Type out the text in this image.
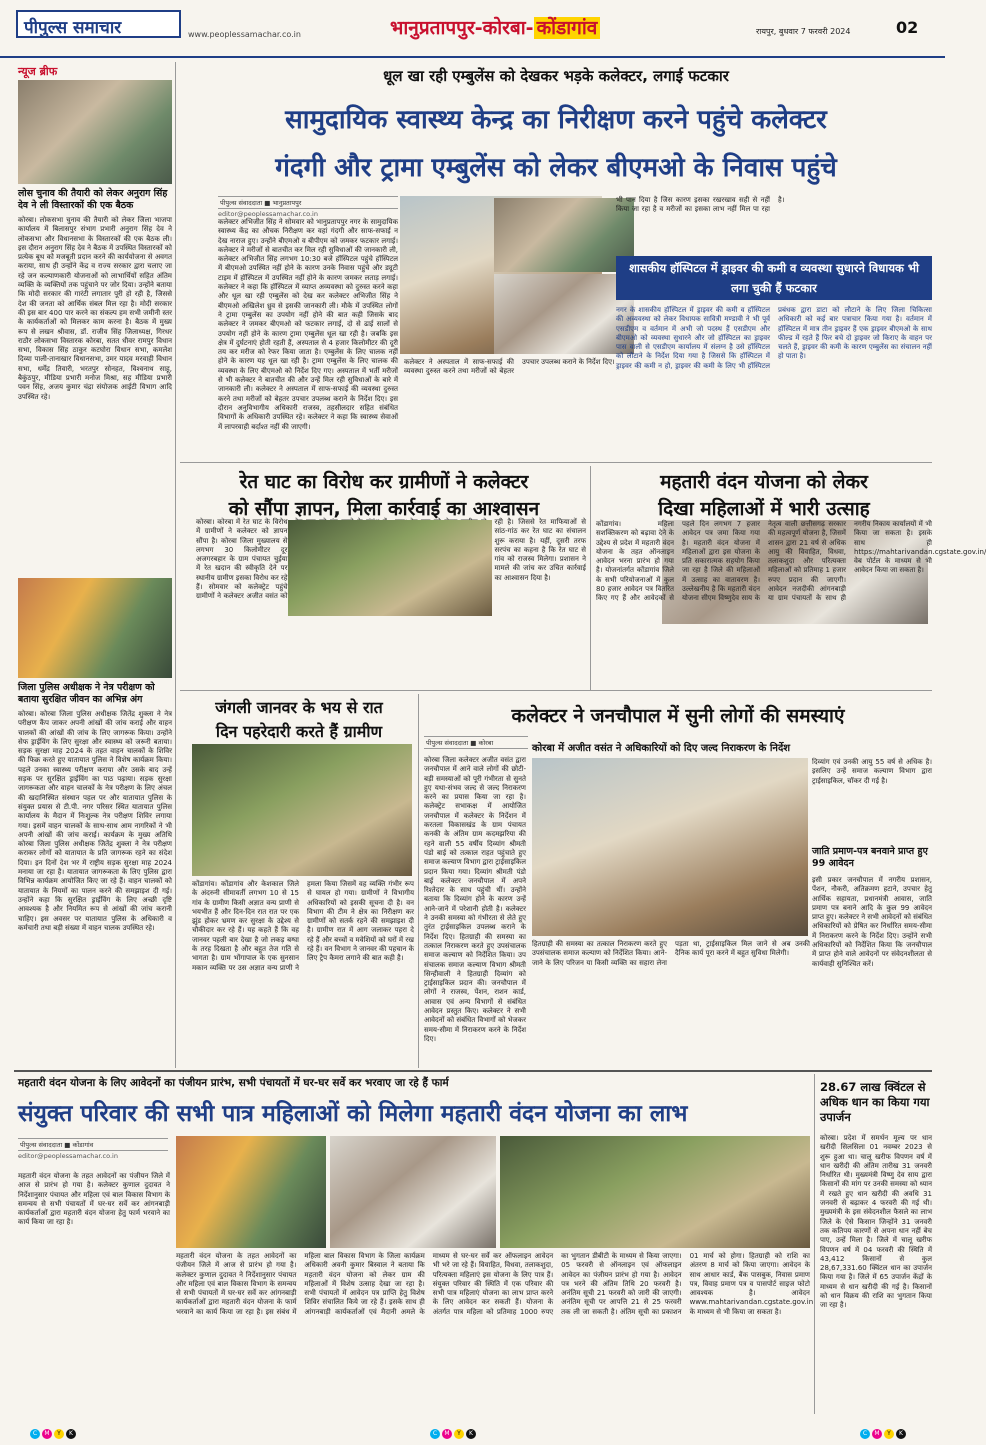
पीपुल्स समाचार	www.peoplessamachar.co.in	भानुप्रतापपुर-कोरबा- कोंडागांव	रायपुर, बुधवार 7 फरवरी 2024	02
न्यूज ब्रीफ
लोस चुनाव की तैयारी को लेकर अनुराग सिंह देव ने ली विस्तारकों की एक बैठक
कोरबा। लोकसभा चुनाव की तैयारी को लेकर जिला भाजपा कार्यालय में बिलासपुर संभाग प्रभारी अनुराग सिंह देव ने लोकसभा और विधानसभा के विस्तारकों की एक बैठक ली। इस दौरान अनुराग सिंह देव ने बैठक में उपस्थित विस्तारकों को प्रत्येक बूथ को मजबूती प्रदान करने की कार्ययोजना से अवगत कराया, साथ ही उन्होंने केंद्र व राज्य सरकार द्वारा चलाए जा रहे जन कल्याणकारी योजनाओं को लाभार्थियों सहित अंतिम व्यक्ति के व्यक्तियों तक पहुंचाने पर जोर दिया। उन्होंने बताया कि मोदी सरकार की गारंटी लगातार पूरी हो रही है, जिससे देश की जनता को आर्थिक संबल मिल रहा है। मोदी सरकार की इस बार 400 पार करने का संकल्प हम सभी जमीनी स्तर के कार्यकर्ताओं को मिलकर काम करना है। बैठक में मुख्य रूप से लखन श्रीवास, डॉ. राजीव सिंह जिलाध्यक्ष, गिरधर राठौर लोकसभा विस्तारक कोरबा, सतत धीवर रामपुर विधान सभा, विकास सिंह ठाकुर कटघोरा विधान सभा, कमलेश दिव्या पाली-तानाखार विधानसभा, उमर यादव मरवाही विधान सभा, धर्मेंद्र तिवारी, भरतपुर सोनहत, विश्वनाथ साहू, बैकुंठपुर, मीडिया प्रभारी मनोज मिश्रा, सह मीडिया प्रभारी पवन सिंह, अजय कुमार चंद्रा संयोजक आईटी विभाग आदि उपस्थित रहे।
जिला पुलिस अधीक्षक ने नेत्र परीक्षण को बताया सुरक्षित जीवन का अभिन्न अंग
कोरबा। कोरबा जिला पुलिस अधीक्षक जितेंद्र शुक्ला ने नेत्र परीक्षण कैंप जाकर अपनी आंखों की जांच कराई और वाहन चालकों की आंखों की जांच के लिए जागरूक किया। उन्होंने सेफ ड्राईविंग के लिए सुरक्षा और स्वास्थ्य को जरूरी बताया। सड़क सुरक्षा माह 2024 के तहत वाहन चालकों के शिविर की फिक्र करते हुए यातायात पुलिस ने विशेष कार्यक्रम किया। पहले उनका स्वास्थ्य परीक्षण कराया और उसके बाद उन्हें सड़क पर सुरक्षित ड्राईविंग का पाठ पढ़ाया। सड़क सुरक्षा जागरूकता और वाहन चालकों के नेत्र परीक्षण के लिए अंचल की खदानिस्थित संस्थान पहल पर और यातायात पुलिस के संयुक्त प्रयास से टी.पी. नगर परिसर स्थित यातायात पुलिस कार्यालय के मैदान में निःशुल्क नेत्र परीक्षण शिविर लगाया गया। इसमें वाहन चालकों के साथ-साथ आम नागरिकों ने भी अपनी आंखों की जांच कराई। कार्यक्रम के मुख्य अतिथि कोरबा जिला पुलिस अधीक्षक जितेंद्र शुक्ला ने नेत्र परीक्षण कराकर लोगों को यातायात के प्रति जागरूक रहने का संदेश दिया। इन दिनों देश भर में राष्ट्रीय सड़क सुरक्षा माह 2024 मनाया जा रहा है। यातायात जागरूकता के लिए पुलिस द्वारा विभिन्न कार्यक्रम आयोजित किए जा रहे हैं। वाहन चालकों को यातायात के नियमों का पालन करने की समझाइश दी गई। उन्होंने कहा कि सुरक्षित ड्राईविंग के लिए अच्छी दृष्टि आवश्यक है और नियमित रूप से आंखों की जांच करानी चाहिए। इस अवसर पर यातायात पुलिस के अधिकारी व कर्मचारी तथा बड़ी संख्या में वाहन चालक उपस्थित रहे।
धूल खा रही एम्बुलेंस को देखकर भड़के कलेक्टर, लगाई फटकार
सामुदायिक स्वास्थ्य केन्द्र का निरीक्षण करने पहुंचे कलेक्टर
गंदगी और ट्रामा एम्बुलेंस को लेकर बीएमओ के निवास पहुंचे
पीपुल्स संवाददाता ■ भानुप्रतापपुर
editor@peoplessamachar.co.in
कलेक्टर अभिजीत सिंह ने सोमवार को भानुप्रतापपुर नगर के सामुदायिक स्वास्थ्य केंद्र का औचक निरीक्षण कर वहां गंदगी और साफ-सफाई न देख नाराज हुए। उन्होंने बीएमओ व बीपीएम को जमकर फटकार लगाई। कलेक्टर ने मरीजों से बातचीत कर मिल रही सुविधाओं की जानकारी ली, कलेक्टर अभिजीत सिंह लगभग 10:30 बजे हॉस्पिटल पहुंचे हॉस्पिटल में बीएमओ उपस्थित नहीं होने के कारण उनके निवास पहुंचे और ड्यूटी टाइम में हॉस्पिटल में उपस्थित नहीं होने के कारण जमकर लताड़ लगाई। कलेक्टर ने कहा कि हॉस्पिटल में व्याप्त अव्यवस्था को दुरुस्त करने कहा और धूल खा रही एम्बुलेंस को देख कर कलेक्टर अभिजीत सिंह ने बीएमओ अखिलेश ध्रुव से इसकी जानकारी ली। मौके में उपस्थित लोगों ने ट्रामा एम्बुलेंस का उपयोग नहीं होने की बात कही जिसके बाद कलेक्टर ने जमकर बीएमओ को फटकार लगाई, दो से ढाई सालों से उपयोग नहीं होने के कारण ट्रामा एम्बुलेंस धूल खा रही है। जबकि इस क्षेत्र में दुर्घटनाएं होती रहती हैं, अस्पताल से 4 हजार किलोमीटर की दूरी तय कर मरीज को रेफर किया जाता है। एम्बुलेंस के लिए चालक नहीं होने के कारण यह धूल खा रही है। ट्रामा एम्बुलेंस के लिए चालक की व्यवस्था के लिए बीएमओ को निर्देश दिए गए। अस्पताल में भर्ती मरीजों से भी कलेक्टर ने बातचीत की और उन्हें मिल रही सुविधाओं के बारे में जानकारी ली। कलेक्टर ने अस्पताल में साफ-सफाई की व्यवस्था दुरुस्त करने तथा मरीजों को बेहतर उपचार उपलब्ध कराने के निर्देश दिए। इस दौरान अनुविभागीय अधिकारी राजस्व, तहसीलदार सहित संबंधित विभागों के अधिकारी उपस्थित रहे। कलेक्टर ने कहा कि स्वास्थ्य सेवाओं में लापरवाही बर्दाश्त नहीं की जाएगी।
कलेक्टर ने अस्पताल में साफ-सफाई की व्यवस्था दुरुस्त करने तथा मरीजों को बेहतर उपचार उपलब्ध कराने के निर्देश दिए।
भी पान दिया है जिस कारण इसका रखरखाव सही से नहीं किया जा रहा है व मरीजों का इसका लाभ नहीं मिल पा रहा है।
शासकीय हॉस्पिटल में ड्राइवर की कमी व व्यवस्था सुधारने विधायक भी लगा चुकी हैं फटकार
नगर के शासकीय हॉस्पिटल में ड्राइवर की कमी व हॉस्पिटल की अव्यवस्था को लेकर विधायक सावित्री मण्डावी ने भी पूर्व एसडीएम व वर्तमान में अभी जो पदस्थ हैं एसडीएम और बीएमओ को व्यवस्था सुधारने और जो हॉस्पिटल का ड्राइवर पास वाली से एसडीएम कार्यालय में संलग्न है उसे हॉस्पिटल को लौटाने के निर्देश दिया गया है जिससे कि हॉस्पिटल में ड्राइवर की कमी न हो, ड्राइवर की कमी के लिए भी हॉस्पिटल प्रबंधक द्वारा डाटा को लौटाने के लिए जिला चिकित्सा अधिकारी को कई बार पत्राचार किया गया है। वर्तमान में हॉस्पिटल में मात्र तीन ड्राइवर हैं एक ड्राइवर बीएमओ के साथ फील्ड में रहते हैं फिर बचे दो ड्राइवर जो किराए के वाहन पर चलते हैं, ड्राइवर की कमी के कारण एम्बुलेंस का संचालन नहीं हो पाता है।
रेत घाट का विरोध कर ग्रामीणों ने कलेक्टर
को सौंपा ज्ञापन, मिला कार्रवाई का आश्वासन
कोरबा। कोरबा में रेत घाट के विरोध में ग्रामीणों ने कलेक्टर को ज्ञापन सौंपा है। कोरबा जिला मुख्यालय से लगभग 30 किलोमीटर दूर अजगरबहार के ग्राम पंचायत चुईया में रेत खदान की स्वीकृति देने पर स्थानीय ग्रामीण इसका विरोध कर रहे हैं। सोमवार को कलेक्ट्रेट पहुंचे ग्रामीणों ने कलेक्टर अजीत वसंत को रही है। जिससे रेत माफियाओं से सांठ-गांठ कर रेत घाट का संचालन शुरू कराया है। यहीं, दूसरी तरफ सरपंच का कहना है कि रेत घाट से गांव को राजस्व मिलेगा। प्रशासन ने मामले की जांच कर उचित कार्रवाई का आश्वासन दिया है।
महतारी वंदन योजना को लेकर
दिखा महिलाओं में भारी उत्साह
कोंडागांव। महिला सशक्तिकरण को बढ़ावा देने के उद्देश्य से प्रदेश में महतारी वंदन योजना के तहत ऑनलाइन आवेदन भरना प्रारंभ हो गया है। योजनांतर्गत कोंडागांव जिले के सभी परियोजनाओं में कुल 80 हजार आवेदन पत्र वितरित किए गए हैं और आवेदकों से पहले दिन लगभग 7 हजार आवेदन पत्र जमा किया गया है। महतारी वंदन योजना में महिलाओं द्वारा इस योजना के प्रति सकारात्मक सहयोग किया जा रहा है जिले की महिलाओं में उत्साह का वातावरण है। उल्लेखनीय है कि महतारी वंदन योजना सीएम विष्णुदेव साय के नेतृत्व वाली छत्तीसगढ़ सरकार की महत्वपूर्ण योजना है, जिसमें शासन द्वारा 21 वर्ष से अधिक आयु की विवाहित, विधवा, तलाकशुदा और परित्यक्ता महिलाओं को प्रतिमाह 1 हजार रुपए प्रदान की जाएगी। आवेदन नजदीकी आंगनबाड़ी या ग्राम पंचायतों के साथ ही नगरीय निकाय कार्यालयों में भी किया जा सकता है। इसके साथ ही https://mahtarivandan.cgstate.gov.in/ वेब पोर्टल के माध्यम से भी आवेदन किया जा सकता है।
जंगली जानवर के भय से रात
दिन पहरेदारी करते हैं ग्रामीण
कोंडागांव। कोंडागांव और केशकाल जिले के अंदरुनी सीमावर्ती लगभग 10 से 15 गांव के ग्रामीण किसी अज्ञात वन्य प्राणी से भयभीत हैं और दिन-दिन रात रात पर एक झुंड होकर भ्रमण कर सुरक्षा के उद्देश्य से चौकीदार कर रहे हैं। यह कहते हैं कि वह जानवर पहली बार देखा है जो लकड़ बग्घा के तरह दिखता है और बहुत तेज गति से भागता है। ग्राम भोंगापाल के एक सुनसान मकान व्यक्ति पर उस अज्ञात वन्य प्राणी ने हमला किया जिसमें वह व्यक्ति गंभीर रूप से घायल हो गया। ग्रामीणों ने विभागीय अधिकारियों को इसकी सूचना दी है। वन विभाग की टीम ने क्षेत्र का निरीक्षण कर ग्रामीणों को सतर्क रहने की समझाइश दी है। ग्रामीण रात में आग जलाकर पहरा दे रहे हैं और बच्चों व मवेशियों को घरों में रख रहे हैं। वन विभाग ने जानवर की पहचान के लिए ट्रैप कैमरा लगाने की बात कही है।
कलेक्टर ने जनचौपाल में सुनी लोगों की समस्याएं
पीपुल्स संवाददाता ■ कोरबा	कोरबा में अजीत वसंत ने अधिकारियों को दिए जल्द निराकरण के निर्देश
कोरबा जिला कलेक्टर अजीत वसंत द्वारा जनचौपाल में आने वाले लोगों की छोटी-बड़ी समस्याओं को पूरी गंभीरता से सुनते हुए यथा-संभव जल्द से जल्द निराकरण करने का प्रयास किया जा रहा है। कलेक्ट्रेट सभाकक्ष में आयोजित जनचौपाल में कलेक्टर के निर्देशन में करतला विकासखंड के ग्राम पंचायत कनकी के अंतिम ग्राम कदमझरिया की रहने वाली 55 वर्षीय दिव्यांग श्रीमती पंडो बाई को तत्काल राहत पहुंचाते हुए समाज कल्याण विभाग द्वारा ट्राईसाइकिल प्रदान किया गया। दिव्यांग श्रीमती पंडो बाई कलेक्टर जनचौपाल में अपने रिश्तेदार के साथ पहुंची थीं। उन्होंने बताया कि दिव्यांग होने के कारण उन्हें आने-जाने में परेशानी होती है। कलेक्टर ने उनकी समस्या को गंभीरता से लेते हुए तुरंत ट्राईसाइकिल उपलब्ध कराने के निर्देश दिए। हितग्राही की समस्या का तत्काल निराकरण करते हुए उपसंचालक समाज कल्याण को निर्देशित किया। उप संचालक समाज कल्याण विभाग श्रीमती सिन्हीवाली ने हितग्राही दिव्यांग को ट्राईसाइकिल प्रदान की। जनचौपाल में लोगों ने राजस्व, पेंशन, राशन कार्ड, आवास एवं अन्य विभागों से संबंधित आवेदन प्रस्तुत किए। कलेक्टर ने सभी आवेदनों को संबंधित विभागों को भेजकर समय-सीमा में निराकरण करने के निर्देश दिए।
हितग्राही की समस्या का तत्काल निराकरण करते हुए उपसंचालक समाज कल्याण को निर्देशित किया। आने-जाने के लिए परिजन या किसी व्यक्ति का सहारा लेना पड़ता था, ट्राईसाइकिल मिल जाने से अब उनकी दैनिक कार्य पूरा करने में बहुत सुविधा मिलेगी।
जाति प्रमाण-पत्र बनवाने प्राप्त हुए 99 आवेदन
इसी प्रकार जनचौपाल में नगरीय प्रशासन, पेंशन, नौकरी, अतिक्रमण हटाने, उपचार हेतु आर्थिक सहायता, प्रधानमंत्री आवास, जाति प्रमाण पत्र बनाने आदि के कुल 99 आवेदन प्राप्त हुए। कलेक्टर ने सभी आवेदनों को संबंधित अधिकारियों को प्रेषित कर निर्धारित समय-सीमा में निराकरण करने के निर्देश दिए। उन्होंने सभी अधिकारियों को निर्देशित किया कि जनचौपाल में प्राप्त होने वाले आवेदनों पर संवेदनशीलता से कार्यवाही सुनिश्चित करें।
दिव्यांग एवं उनकी आयु 55 वर्ष से अधिक है। इसलिए उन्हें समाज कल्याण विभाग द्वारा ट्राईसाइकिल, चॉकर दी गई है।
महतारी वंदन योजना के लिए आवेदनों का पंजीयन प्रारंभ, सभी पंचायतों में घर-घर सर्वे कर भरवाए जा रहे हैं फार्म
संयुक्त परिवार की सभी पात्र महिलाओं को मिलेगा महतारी वंदन योजना का लाभ
पीपुल्स संवाददाता ■ कोंडागांव
editor@peoplessamachar.co.in
महतारी वंदन योजना के तहत आवेदनों का पंजीयन जिले में आज से प्रारंभ हो गया है। कलेक्टर कुणाल दुदावत ने निर्देशानुसार पंचायत और महिला एवं बाल विकास विभाग के समन्वय से सभी पंचायतों में घर-घर सर्वे कर आंगनबाड़ी कार्यकर्ताओं द्वारा महतारी वंदन योजना हेतु फार्म भरवाने का कार्य किया जा रहा है।
महतारी वंदन योजना के तहत आवेदनों का पंजीयन जिले में आज से प्रारंभ हो गया है। कलेक्टर कुणाल दुदावत ने निर्देशानुसार पंचायत और महिला एवं बाल विकास विभाग के समन्वय से सभी पंचायतों में घर-घर सर्वे कर आंगनबाड़ी कार्यकर्ताओं द्वारा महतारी वंदन योजना के फार्म भरवाने का कार्य किया जा रहा है। इस संबंध में महिला बाल विकास विभाग के जिला कार्यक्रम अधिकारी अवनी कुमार बिस्वाल ने बताया कि महतारी वंदन योजना को लेकर ग्राम की महिलाओं में विशेष उत्साह देखा जा रहा है। सभी पंचायतों में आवेदन पत्र प्राप्ति हेतु विशेष शिविर संचालित किये जा रहे हैं। इसके साथ ही आंगनबाड़ी कार्यकर्ताओं एवं मैदानी अमले के माध्यम से घर-घर सर्वे कर ऑफलाइन आवेदन भी भरे जा रहे हैं। विवाहित, विधवा, तलाकशुदा, परित्यक्ता महिलाएं इस योजना के लिए पात्र हैं। संयुक्त परिवार की स्थिति में एक परिवार की सभी पात्र महिलाएं योजना का लाभ प्राप्त करने के लिए आवेदन कर सकती हैं। योजना के अंतर्गत पात्र महिला को प्रतिमाह 1000 रुपए का भुगतान डीबीटी के माध्यम से किया जाएगा। 05 फरवरी से ऑनलाइन एवं ऑफलाइन आवेदन का पंजीयन प्रारंभ हो गया है। आवेदन पत्र भरने की अंतिम तिथि 20 फरवरी है। अनंतिम सूची 21 फरवरी को जारी की जाएगी। अनंतिम सूची पर आपत्ति 21 से 25 फरवरी तक ली जा सकती है। अंतिम सूची का प्रकाशन 01 मार्च को होगा। हितग्राही को राशि का अंतरण 8 मार्च को किया जाएगा। आवेदन के साथ आधार कार्ड, बैंक पासबुक, निवास प्रमाण पत्र, विवाह प्रमाण पत्र व पासपोर्ट साइज फोटो आवश्यक है। आवेदन www.mahtarivandan.cgstate.gov.in के माध्यम से भी किया जा सकता है।
28.67 लाख क्विंटल से अधिक धान का किया गया उपार्जन
कोरबा। प्रदेश में समर्थन मूल्य पर धान खरीदी सिलसिला 01 नवम्बर 2023 से शुरू हुआ था। चालू खरीफ विपणन वर्ष में धान खरीदी की अंतिम तारीख 31 जनवरी निर्धारित थी। मुख्यमंत्री विष्णु देव साय द्वारा किसानों की मांग पर उनकी समस्या को ध्यान में रखते हुए धान खरीदी की अवधि 31 जनवरी से बढ़ाकर 4 फरवरी की गई थी। मुख्यमंत्री के इस संवेदनशील फैसले का लाभ जिले के ऐसे किसान जिन्होंने 31 जनवरी तक कतिपय कारणों से अपना धान नहीं बेच पाए, उन्हें मिला है। जिले में चालू खरीफ विपणन वर्ष में 04 फरवरी की स्थिति में 43,412 किसानों से कुल 28,67,331.60 क्विंटल धान का उपार्जन किया गया है। जिले में 65 उपार्जन केंद्रों के माध्यम से धान खरीदी की गई है। किसानों को धान विक्रय की राशि का भुगतान किया जा रहा है।
C M Y K	C M Y K	C M Y K
